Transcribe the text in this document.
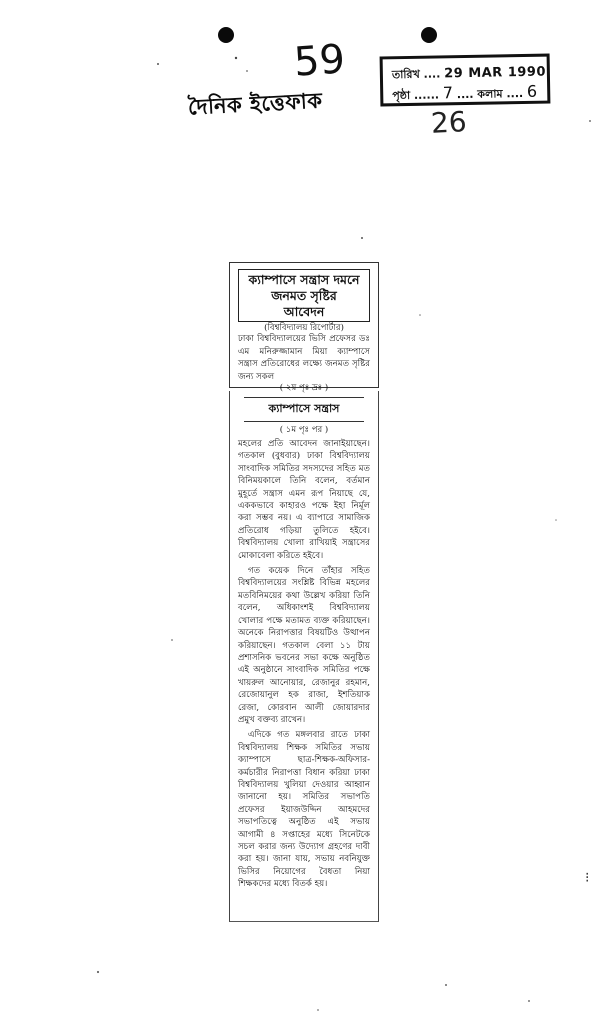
দৈনিক ইত্তেফাক
59
26
তারিখ .... 29 MAR 1990
পৃষ্ঠা ...... 7 .... কলাম .... 6
ক্যাম্পাসে সন্ত্রাস দমনে
জনমত সৃষ্টির
আবেদন
(বিশ্ববিদ্যালয় রিপোর্টার)

ঢাকা বিশ্ববিদ্যালয়ের ভিসি প্রফেসর ডঃ এম মনিরুজ্জামান মিয়া ক্যাম্পাসে সন্ত্রাস প্রতিরোধের লক্ষ্যে জনমত সৃষ্টির জন্য সকল

( ২য় পৃঃ দ্রঃ )
ক্যাম্পাসে সন্ত্রাস
( ১ম পৃঃ পর )

মহলের প্রতি আবেদন জানাইয়াছেন। গতকাল (বুধবার) ঢাকা বিশ্ববিদ্যালয় সাংবাদিক সমিতির সদস্যদের সহিত মত বিনিময়কালে তিনি বলেন, বর্তমান মুহূর্তে সন্ত্রাস এমন রূপ নিয়াছে যে, এককভাবে কাহারও পক্ষে ইহা নির্মূল করা সম্ভব নয়। এ ব্যাপারে সামাজিক প্রতিরোধ গড়িয়া তুলিতে হইবে। বিশ্ববিদ্যালয় খোলা রাখিয়াই সন্ত্রাসের মোকাবেলা করিতে হইবে।

গত কয়েক দিনে তাঁহার সহিত বিশ্ববিদ্যালয়ের সংশ্লিষ্ট বিভিন্ন মহলের মতবিনিময়ের কথা উল্লেখ করিয়া তিনি বলেন, অধিকাংশই বিশ্ববিদ্যালয় খোলার পক্ষে মতামত ব্যক্ত করিয়াছেন। অনেকে নিরাপত্তার বিষয়টিও উত্থাপন করিয়াছেন। গতকাল বেলা ১১ টায় প্রশাসনিক ভবনের সভা কক্ষে অনুষ্ঠিত এই অনুষ্ঠানে সাংবাদিক সমিতির পক্ষে খায়রুল আনোয়ার, রেজানুর রহমান, রেজোয়ানুল হক রাজা, ইশতিয়াক রেজা, কোরবান আলী জোয়ারদার প্রমুখ বক্তব্য রাখেন।

এদিকে গত মঙ্গলবার রাতে ঢাকা বিশ্ববিদ্যালয় শিক্ষক সমিতির সভায় ক্যাম্পাসে ছাত্র-শিক্ষক-অফিসার-কর্মচারীর নিরাপত্তা বিধান করিয়া ঢাকা বিশ্ববিদ্যালয় খুলিয়া দেওয়ার আহ্বান জানানো হয়। সমিতির সভাপতি প্রফেসর ইয়াজউদ্দিন আহমদের সভাপতিত্বে অনুষ্ঠিত এই সভায় আগামী ৪ সপ্তাহের মধ্যে সিনেটকে সচল করার জন্য উদ্যোগ গ্রহণের দাবী করা হয়। জানা যায়, সভায় নবনিযুক্ত ভিসির নিয়োগের বৈধতা নিয়া শিক্ষকদের মধ্যে বিতর্ক হয়।	⁝
